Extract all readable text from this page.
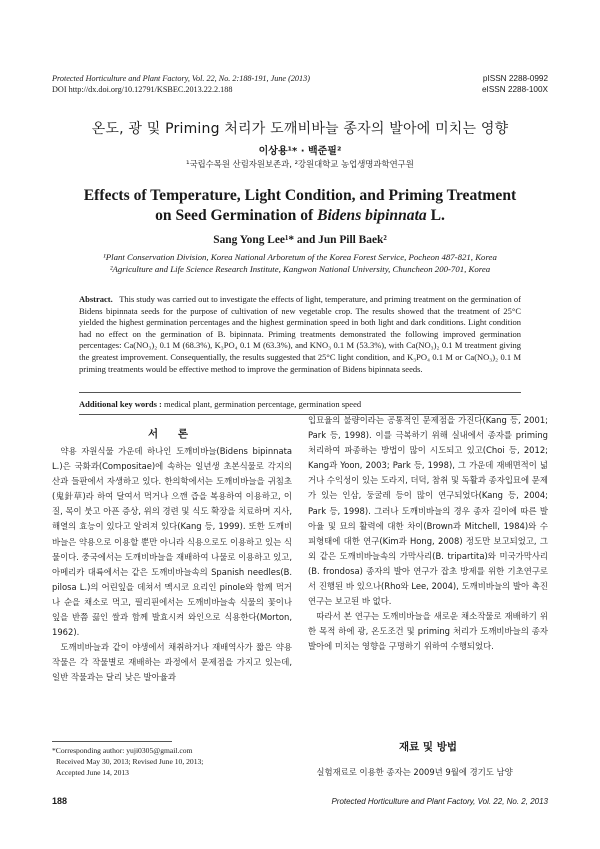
Protected Horticulture and Plant Factory, Vol. 22, No. 2:188-191, June (2013)
DOI http://dx.doi.org/10.12791/KSBEC.2013.22.2.188
pISSN 2288-0992
eISSN 2288-100X
온도, 광 및 Priming 처리가 도깨비바늘 종자의 발아에 미치는 영향
이상용¹* · 백준필²
¹국립수목원 산림자원보존과, ²강원대학교 농업생명과학연구원
Effects of Temperature, Light Condition, and Priming Treatment
on Seed Germination of Bidens bipinnata L.
Sang Yong Lee¹* and Jun Pill Baek²
¹Plant Conservation Division, Korea National Arboretum of the Korea Forest Service, Pocheon 487-821, Korea
²Agriculture and Life Science Research Institute, Kangwon National University, Chuncheon 200-701, Korea
Abstract. This study was carried out to investigate the effects of light, temperature, and priming treatment on the germination of Bidens bipinnata seeds for the purpose of cultivation of new vegetable crop. The results showed that the treatment of 25°C yielded the highest germination percentages and the highest germination speed in both light and dark conditions. Light condition had no effect on the germination of B. bipinnata. Priming treatments demonstrated the following improved germination percentages: Ca(NO₃)₂ 0.1 M (68.3%), K₃PO₄ 0.1 M (63.3%), and KNO₃ 0.1 M (53.3%), with Ca(NO₃)₂ 0.1 M treatment giving the greatest improvement. Consequentially, the results suggested that 25°C light condition, and K₃PO₄ 0.1 M or Ca(NO₃)₂ 0.1 M priming treatments would be effective method to improve the germination of Bidens bipinnata seeds.
Additional key words : medical plant, germination percentage, germination speed
서 론

약용 자원식물 가운데 하나인 도깨비바늘(Bidens bipinnata L.)은 국화과(Compositae)에 속하는 일년생 초본식물로 각지의 산과 들판에서 자생하고 있다. 한의학에서는 도깨비바늘을 귀침초(鬼針草)라 하여 달여서 먹거나 으깬 즙을 복용하여 이용하고, 이질, 목이 붓고 아픈 증상, 위의 경련 및 식도 확장을 치료하며 지사, 해열의 효능이 있다고 알려져 있다(Kang 등, 1999). 또한 도깨비바늘은 약용으로 이용할 뿐만 아니라 식용으로도 이용하고 있는 식물이다. 중국에서는 도깨비바늘을 재배하여 나물로 이용하고 있고, 아메리카 대륙에서는 같은 도깨비바늘속의 Spanish needles(B. pilosa L.)의 어린잎을 데쳐서 멕시코 요리인 pinole와 함께 먹거나 순을 채소로 먹고, 필리핀에서는 도깨비바늘속 식물의 꽃이나 잎을 반쯤 끓인 쌀과 함께 발효시켜 와인으로 식용한다(Morton, 1962).

도깨비바늘과 같이 야생에서 채취하거나 재배역사가 짧은 약용작물은 각 작물별로 재배하는 과정에서 문제점을 가지고 있는데, 일반 작물과는 달리 낮은 발아율과

입묘율의 불량이라는 공통적인 문제점을 가진다(Kang 등, 2001; Park 등, 1998). 이를 극복하기 위해 실내에서 종자를 priming 처리하여 파종하는 방법이 많이 시도되고 있고(Choi 등, 2012; Kang과 Yoon, 2003; Park 등, 1998), 그 가운데 재배면적이 넓거나 수익성이 있는 도라지, 더덕, 참취 및 독활과 종자입묘에 문제가 있는 인삼, 둥굴레 등이 많이 연구되었다(Kang 등, 2004; Park 등, 1998). 그러나 도깨비바늘의 경우 종자 길이에 따른 발아율 및 묘의 활력에 대한 차이(Brown과 Mitchell, 1984)와 수피형태에 대한 연구(Kim과 Hong, 2008) 정도만 보고되었고, 그 외 같은 도깨비바늘속의 가막사리(B. tripartita)와 미국가막사리(B. frondosa) 종자의 발아 연구가 잡초 방제를 위한 기초연구로서 진행된 바 있으나(Rho와 Lee, 2004), 도깨비바늘의 발아 촉진 연구는 보고된 바 없다.

따라서 본 연구는 도깨비바늘을 새로운 채소작물로 재배하기 위한 목적 하에 광, 온도조건 및 priming 처리가 도깨비바늘의 종자 발아에 미치는 영향을 구명하기 위하여 수행되었다.

재료 및 방법
실험재료로 이용한 종자는 2009년 9월에 경기도 남양
*Corresponding author: yuji0305@gmail.com
Received May 30, 2013; Revised June 10, 2013;
Accepted June 14, 2013
188	Protected Horticulture and Plant Factory, Vol. 22, No. 2, 2013
